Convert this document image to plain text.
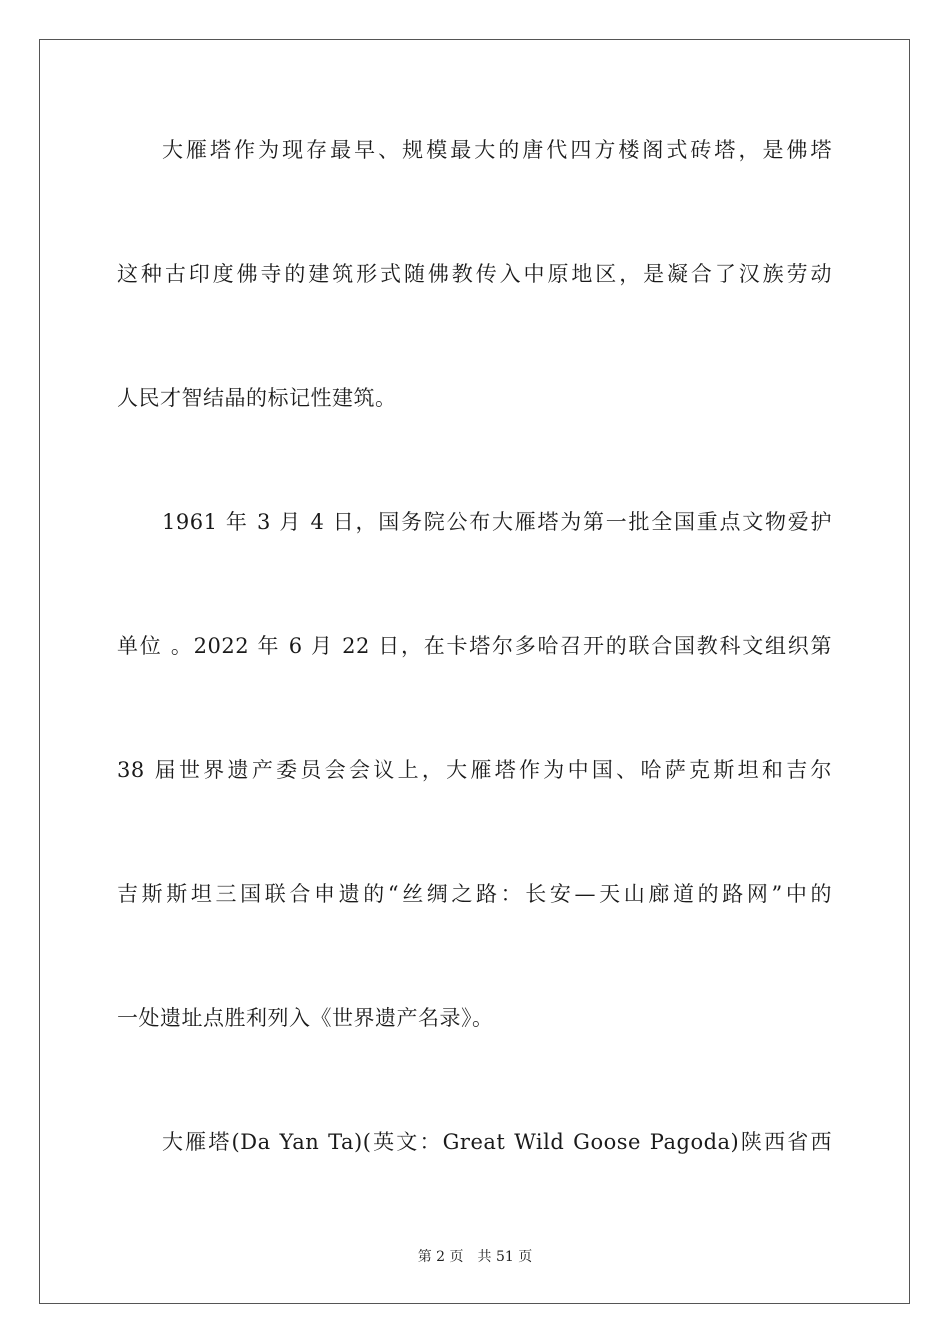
大雁塔作为现存最早、规模最大的唐代四方楼阁式砖塔，是佛塔
这种古印度佛寺的建筑形式随佛教传入中原地区，是凝合了汉族劳动
人民才智结晶的标记性建筑。
1961 年 3 月 4 日，国务院公布大雁塔为第一批全国重点文物爱护
单位 。2022 年 6 月 22 日，在卡塔尔多哈召开的联合国教科文组织第
38 届世界遗产委员会会议上，大雁塔作为中国、哈萨克斯坦和吉尔
吉斯斯坦三国联合申遗的“丝绸之路：长安—天山廊道的路网”中的
一处遗址点胜利列入《世界遗产名录》。
大雁塔(Da Yan Ta)(英文：Great Wild Goose Pagoda)陕西省西
第 2 页 共 51 页
